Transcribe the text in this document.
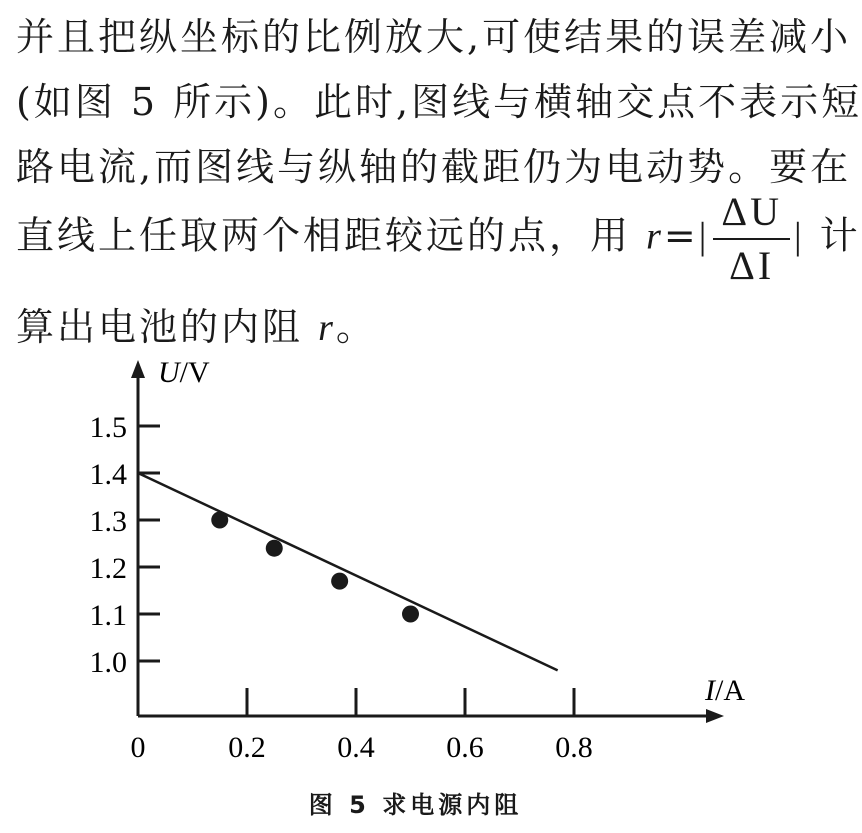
并且把纵坐标的比例放大,可使结果的误差减小
(如图 5 所示)。此时,图线与横轴交点不表示短
路电流,而图线与纵轴的截距仍为电动势。要在
直线上任取两个相距较远的点，用 $r=| \frac{\Delta U}{\Delta I}$ | 计
算出电池的内阻 r。
U/V
I/A
0	0.2 0.4 0.6 0.8
1.0
1.1
1.2
1.3
1.4
1.5
图 5 求电源内阻
